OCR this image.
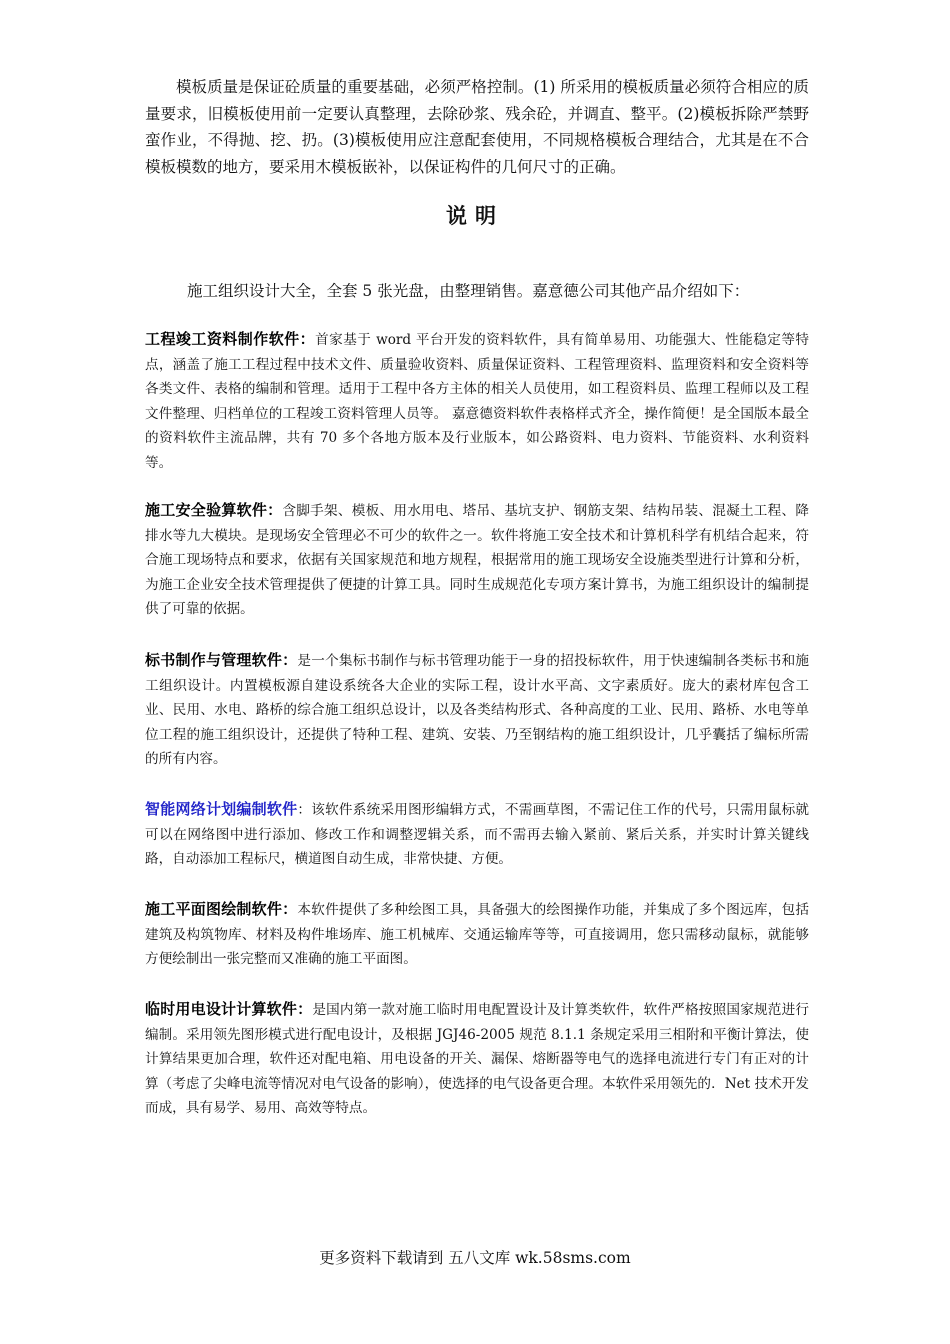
模板质量是保证砼质量的重要基础，必须严格控制。(1) 所采用的模板质量必须符合相应的质量要求，旧模板使用前一定要认真整理，去除砂浆、残余砼，并调直、整平。(2)模板拆除严禁野蛮作业，不得抛、挖、扔。(3)模板使用应注意配套使用，不同规格模板合理结合，尤其是在不合模板模数的地方，要采用木模板嵌补，以保证构件的几何尺寸的正确。

说明

施工组织设计大全，全套 5 张光盘，由整理销售。嘉意德公司其他产品介绍如下：

工程竣工资料制作软件：首家基于 word 平台开发的资料软件，具有简单易用、功能强大、性能稳定等特点，涵盖了施工工程过程中技术文件、质量验收资料、质量保证资料、工程管理资料、监理资料和安全资料等各类文件、表格的编制和管理。适用于工程中各方主体的相关人员使用，如工程资料员、监理工程师以及工程文件整理、归档单位的工程竣工资料管理人员等。 嘉意德资料软件表格样式齐全，操作简便！是全国版本最全的资料软件主流品牌，共有 70 多个各地方版本及行业版本，如公路资料、电力资料、节能资料、水利资料等。

施工安全验算软件：含脚手架、模板、用水用电、塔吊、基坑支护、钢筋支架、结构吊装、混凝土工程、降排水等九大模块。是现场安全管理必不可少的软件之一。软件将施工安全技术和计算机科学有机结合起来，符合施工现场特点和要求，依据有关国家规范和地方规程，根据常用的施工现场安全设施类型进行计算和分析，为施工企业安全技术管理提供了便捷的计算工具。同时生成规范化专项方案计算书，为施工组织设计的编制提供了可靠的依据。

标书制作与管理软件：是一个集标书制作与标书管理功能于一身的招投标软件，用于快速编制各类标书和施工组织设计。内置模板源自建设系统各大企业的实际工程，设计水平高、文字素质好。庞大的素材库包含工业、民用、水电、路桥的综合施工组织总设计，以及各类结构形式、各种高度的工业、民用、路桥、水电等单位工程的施工组织设计，还提供了特种工程、建筑、安装、乃至钢结构的施工组织设计，几乎囊括了编标所需的所有内容。

智能网络计划编制软件：该软件系统采用图形编辑方式，不需画草图，不需记住工作的代号，只需用鼠标就可以在网络图中进行添加、修改工作和调整逻辑关系，而不需再去输入紧前、紧后关系，并实时计算关键线路，自动添加工程标尺，横道图自动生成，非常快捷、方便。

施工平面图绘制软件：本软件提供了多种绘图工具，具备强大的绘图操作功能，并集成了多个图远库，包括建筑及构筑物库、材料及构件堆场库、施工机械库、交通运输库等等，可直接调用，您只需移动鼠标，就能够方便绘制出一张完整而又准确的施工平面图。

临时用电设计计算软件：是国内第一款对施工临时用电配置设计及计算类软件，软件严格按照国家规范进行编制。采用领先图形模式进行配电设计，及根据 JGJ46-2005 规范 8.1.1 条规定采用三相附和平衡计算法，使计算结果更加合理，软件还对配电箱、用电设备的开关、漏保、熔断器等电气的选择电流进行专门有正对的计算（考虑了尖峰电流等情况对电气设备的影响），使选择的电气设备更合理。本软件采用领先的．Net 技术开发而成，具有易学、易用、高效等特点。

更多资料下载请到 五八文库 wk.58sms.com
